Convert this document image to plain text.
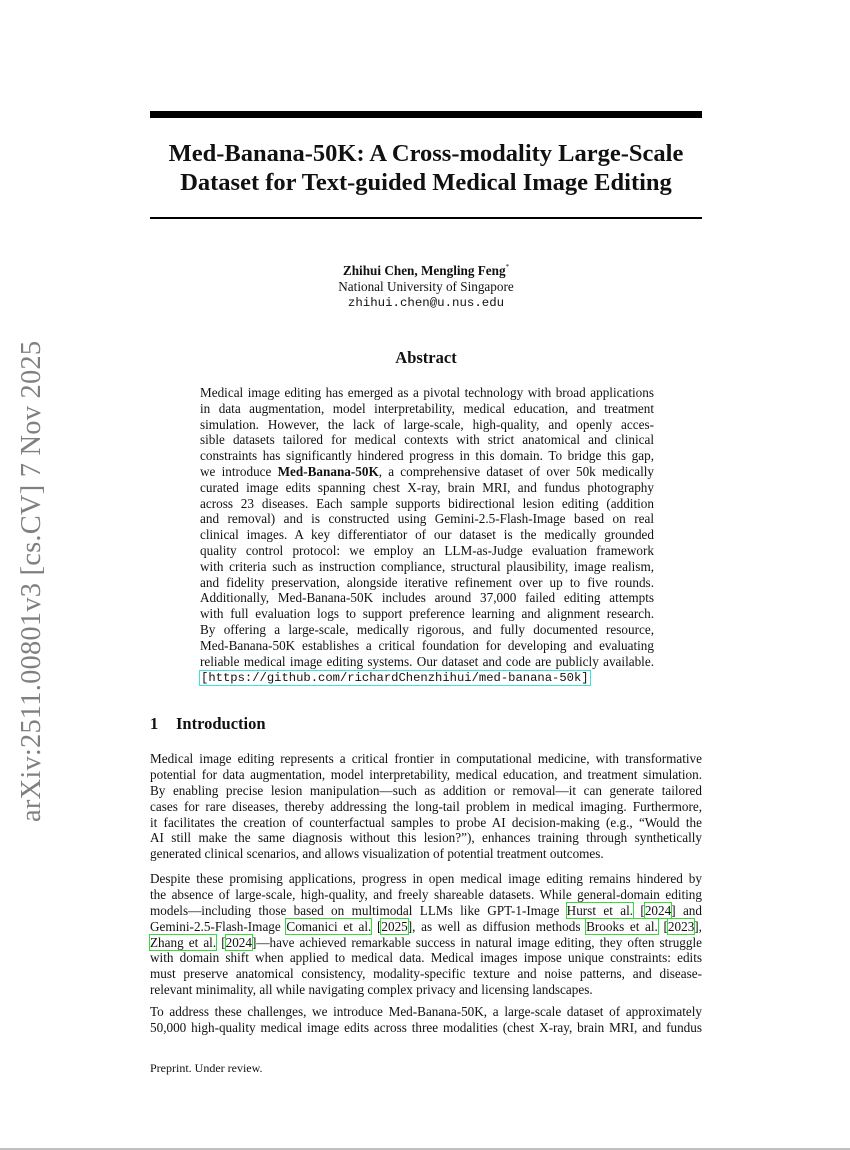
arXiv:2511.00801v3 [cs.CV] 7 Nov 2025
Med-Banana-50K: A Cross-modality Large-Scale
Dataset for Text-guided Medical Image Editing
Zhihui Chen, Mengling Feng*
National University of Singapore
zhihui.chen@u.nus.edu
Abstract
Medical image editing has emerged as a pivotal technology with broad applications
in data augmentation, model interpretability, medical education, and treatment
simulation. However, the lack of large-scale, high-quality, and openly acces-
sible datasets tailored for medical contexts with strict anatomical and clinical
constraints has significantly hindered progress in this domain. To bridge this gap,
we introduce Med-Banana-50K, a comprehensive dataset of over 50k medically
curated image edits spanning chest X-ray, brain MRI, and fundus photography
across 23 diseases. Each sample supports bidirectional lesion editing (addition
and removal) and is constructed using Gemini-2.5-Flash-Image based on real
clinical images. A key differentiator of our dataset is the medically grounded
quality control protocol: we employ an LLM-as-Judge evaluation framework
with criteria such as instruction compliance, structural plausibility, image realism,
and fidelity preservation, alongside iterative refinement over up to five rounds.
Additionally, Med-Banana-50K includes around 37,000 failed editing attempts
with full evaluation logs to support preference learning and alignment research.
By offering a large-scale, medically rigorous, and fully documented resource,
Med-Banana-50K establishes a critical foundation for developing and evaluating
reliable medical image editing systems. Our dataset and code are publicly available.
[https://github.com/richardChenzhihui/med-banana-50k]
1 Introduction
Medical image editing represents a critical frontier in computational medicine, with transformative
potential for data augmentation, model interpretability, medical education, and treatment simulation.
By enabling precise lesion manipulation—such as addition or removal—it can generate tailored
cases for rare diseases, thereby addressing the long-tail problem in medical imaging. Furthermore,
it facilitates the creation of counterfactual samples to probe AI decision-making (e.g., “Would the
AI still make the same diagnosis without this lesion?”), enhances training through synthetically
generated clinical scenarios, and allows visualization of potential treatment outcomes.
Despite these promising applications, progress in open medical image editing remains hindered by
the absence of large-scale, high-quality, and freely shareable datasets. While general-domain editing
models—including those based on multimodal LLMs like GPT-1-Image Hurst et al. [2024] and
Gemini-2.5-Flash-Image Comanici et al. [2025], as well as diffusion methods Brooks et al. [2023],
Zhang et al. [2024]—have achieved remarkable success in natural image editing, they often struggle
with domain shift when applied to medical data. Medical images impose unique constraints: edits
must preserve anatomical consistency, modality-specific texture and noise patterns, and disease-
relevant minimality, all while navigating complex privacy and licensing landscapes.
To address these challenges, we introduce Med-Banana-50K, a large-scale dataset of approximately
50,000 high-quality medical image edits across three modalities (chest X-ray, brain MRI, and fundus
Preprint. Under review.
